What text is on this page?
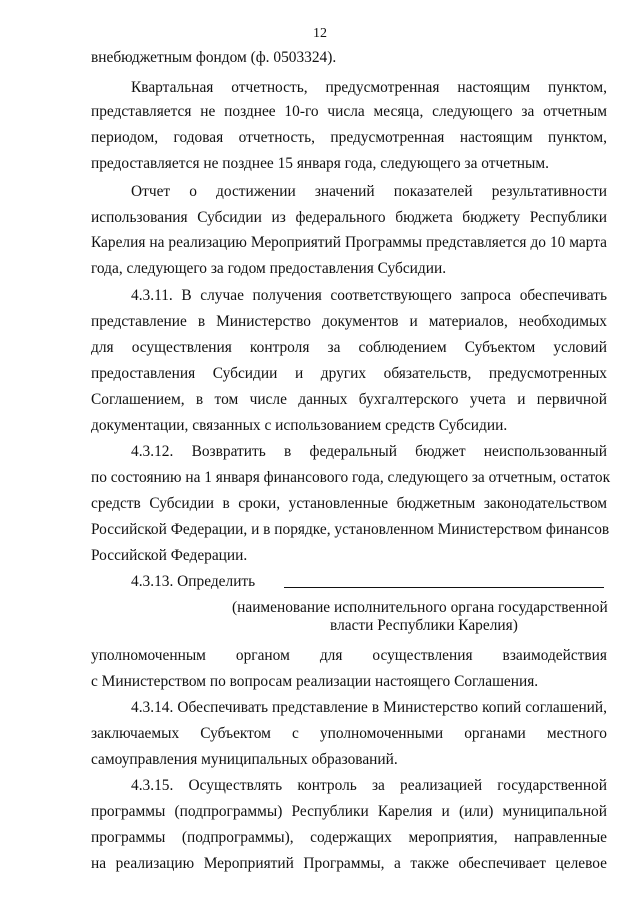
12
внебюджетным фондом (ф. 0503324).
Квартальная отчетность, предусмотренная настоящим пунктом,
представляется не позднее 10-го числа месяца, следующего за отчетным
периодом, годовая отчетность, предусмотренная настоящим пунктом,
предоставляется не позднее 15 января года, следующего за отчетным.
Отчет о достижении значений показателей результативности
использования Субсидии из федерального бюджета бюджету Республики
Карелия на реализацию Мероприятий Программы представляется до 10 марта
года, следующего за годом предоставления Субсидии.
4.3.11. В случае получения соответствующего запроса обеспечивать
представление в Министерство документов и материалов, необходимых
для осуществления контроля за соблюдением Субъектом условий
предоставления Субсидии и других обязательств, предусмотренных
Соглашением, в том числе данных бухгалтерского учета и первичной
документации, связанных с использованием средств Субсидии.
4.3.12. Возвратить в федеральный бюджет неиспользованный
по состоянию на 1 января финансового года, следующего за отчетным, остаток
средств Субсидии в сроки, установленные бюджетным законодательством
Российской Федерации, и в порядке, установленном Министерством финансов
Российской Федерации.
4.3.13. Определить
(наименование исполнительного органа государственной
власти Республики Карелия)
уполномоченным органом для осуществления взаимодействия
с Министерством по вопросам реализации настоящего Соглашения.
4.3.14. Обеспечивать представление в Министерство копий соглашений,
заключаемых Субъектом с уполномоченными органами местного
самоуправления муниципальных образований.
4.3.15. Осуществлять контроль за реализацией государственной
программы (подпрограммы) Республики Карелия и (или) муниципальной
программы (подпрограммы), содержащих мероприятия, направленные
на реализацию Мероприятий Программы, а также обеспечивает целевое
